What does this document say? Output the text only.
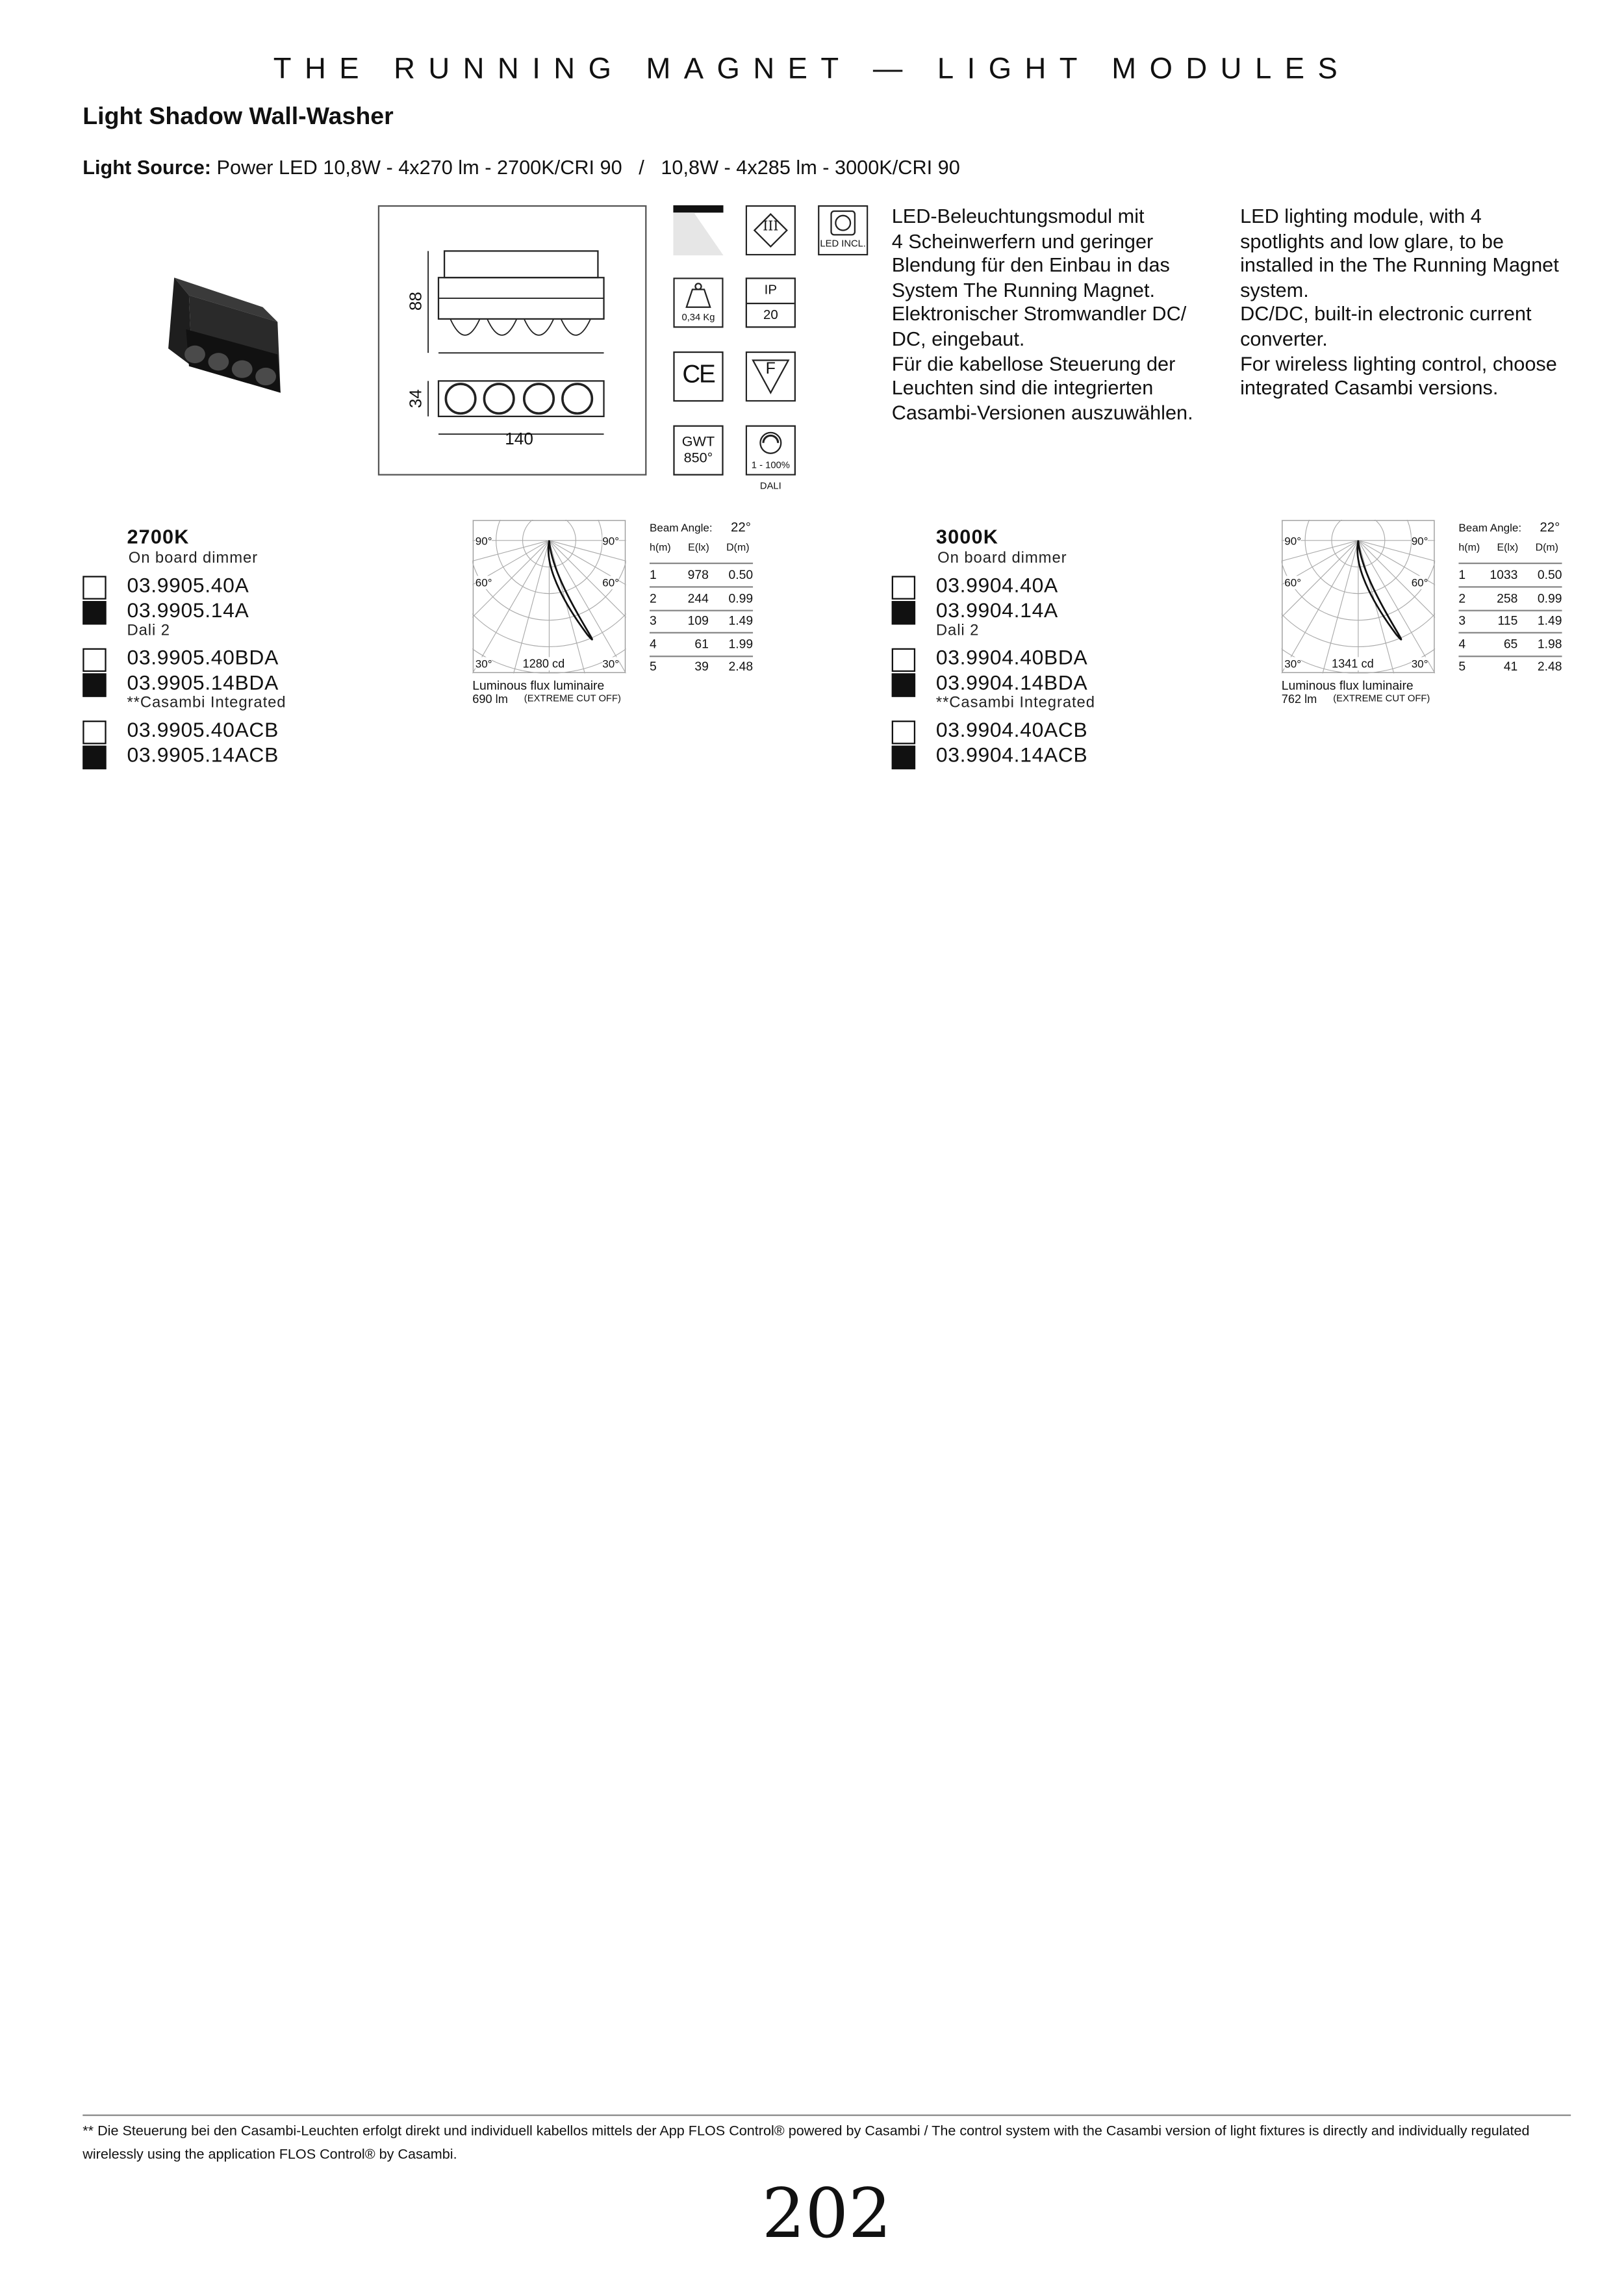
THE RUNNING MAGNET — LIGHT MODULES
Light Shadow Wall-Washer
Light Source: Power LED 10,8W - 4x270 lm - 2700K/CRI 90   /   10,8W - 4x285 lm - 3000K/CRI 90
88
34
140
III
LED INCL.
0,34 Kg
IP
20
CE	F
GWT
850°	1 - 100%
DALI
LED-Beleuchtungsmodul mit
4 Scheinwerfern und geringer
Blendung für den Einbau in das
System The Running Magnet.
Elektronischer Stromwandler DC/
DC, eingebaut.
Für die kabellose Steuerung der
Leuchten sind die integrierten
Casambi-Versionen auszuwählen.
LED lighting module, with 4
spotlights and low glare, to be
installed in the The Running Magnet
system.
DC/DC, built-in electronic current
converter.
For wireless lighting control, choose
integrated Casambi versions.
2700K
On board dimmer
03.9905.40A
03.9905.14A
Dali 2
03.9905.40BDA
03.9905.14BDA
**Casambi Integrated
03.9905.40ACB
03.9905.14ACB
90°	90°
60°	60°
30°	30°
1280 cd
Luminous flux luminaire
690 lm	(EXTREME CUT OFF)
Beam Angle:	22°
h(m)	E(lx)	D(m)
1	978	0.50
2	244	0.99
3	109	1.49
4	61	1.99
5	39	2.48
3000K
On board dimmer
03.9904.40A
03.9904.14A
Dali 2
03.9904.40BDA
03.9904.14BDA
**Casambi Integrated
03.9904.40ACB
03.9904.14ACB
90°	90°
60°	60°
30°	30°
1341 cd
Luminous flux luminaire
762 lm	(EXTREME CUT OFF)
Beam Angle:	22°
h(m)	E(lx)	D(m)
1	1033	0.50
2	258	0.99
3	115	1.49
4	65	1.98
5	41	2.48
** Die Steuerung bei den Casambi-Leuchten erfolgt direkt und individuell kabellos mittels der App FLOS Control® powered by Casambi / The control system with the Casambi version of light fixtures is directly and individually regulated wirelessly using the application FLOS Control® by Casambi.
202
